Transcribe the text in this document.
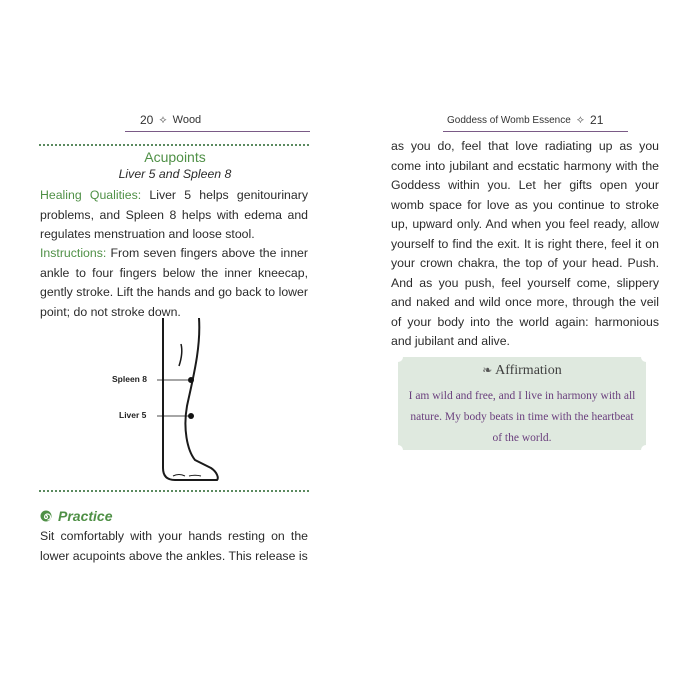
20 ⟡ Wood
Acupoints
Liver 5 and Spleen 8
Healing Qualities: Liver 5 helps genitourinary problems, and Spleen 8 helps with edema and regulates menstruation and loose stool.
Instructions: From seven fingers above the inner ankle to four fingers below the inner kneecap, gently stroke. Lift the hands and go back to lower point; do not stroke down.
Spleen 8
Liver 5
Practice
Sit comfortably with your hands resting on the lower acupoints above the ankles. This release is
Goddess of Womb Essence ⟡ 21
as you do, feel that love radiating up as you come into jubilant and ecstatic harmony with the Goddess within you. Let her gifts open your womb space for love as you continue to stroke up, upward only. And when you feel ready, allow yourself to find the exit. It is right there, feel it on your crown chakra, the top of your head. Push. And as you push, feel yourself come, slippery and naked and wild once more, through the veil of your body into the world again: harmonious and jubilant and alive.
❧ Affirmation
I am wild and free, and I live in harmony with all nature. My body beats in time with the heartbeat of the world.
